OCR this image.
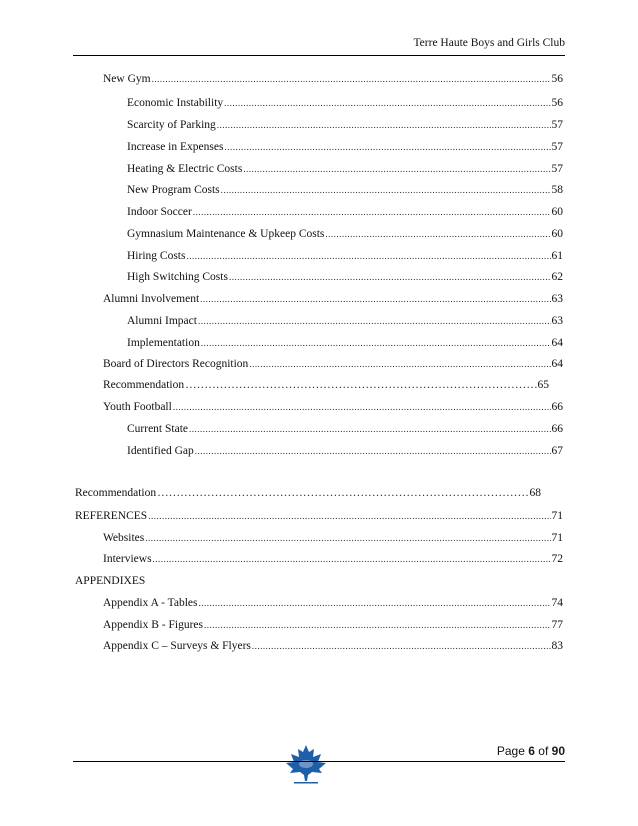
Terre Haute Boys and Girls Club
New Gym .....	56
Economic Instability .....	56
Scarcity of Parking .....	57
Increase in Expenses .....	57
Heating & Electric Costs .....	57
New Program Costs .....	58
Indoor Soccer .....	60
Gymnasium Maintenance & Upkeep Costs .....	60
Hiring Costs .....	61
High Switching Costs .....	62
Alumni Involvement .....	63
Alumni Impact .....	63
Implementation .....	64
Board of Directors Recognition .....	64
Recommendation ……………………………………………………………………………………………………………………………………	65
Youth Football .....	66
Current State .....	66
Identified Gap .....	67
Recommendation ……………………………………………………………………………………………………………………………………	68
REFERENCES .....	71
Websites .....	71
Interviews .....	72
APPENDIXES
Appendix A - Tables .....	74
Appendix B - Figures .....	77
Appendix C – Surveys & Flyers .....	83
Page 6 of 90
